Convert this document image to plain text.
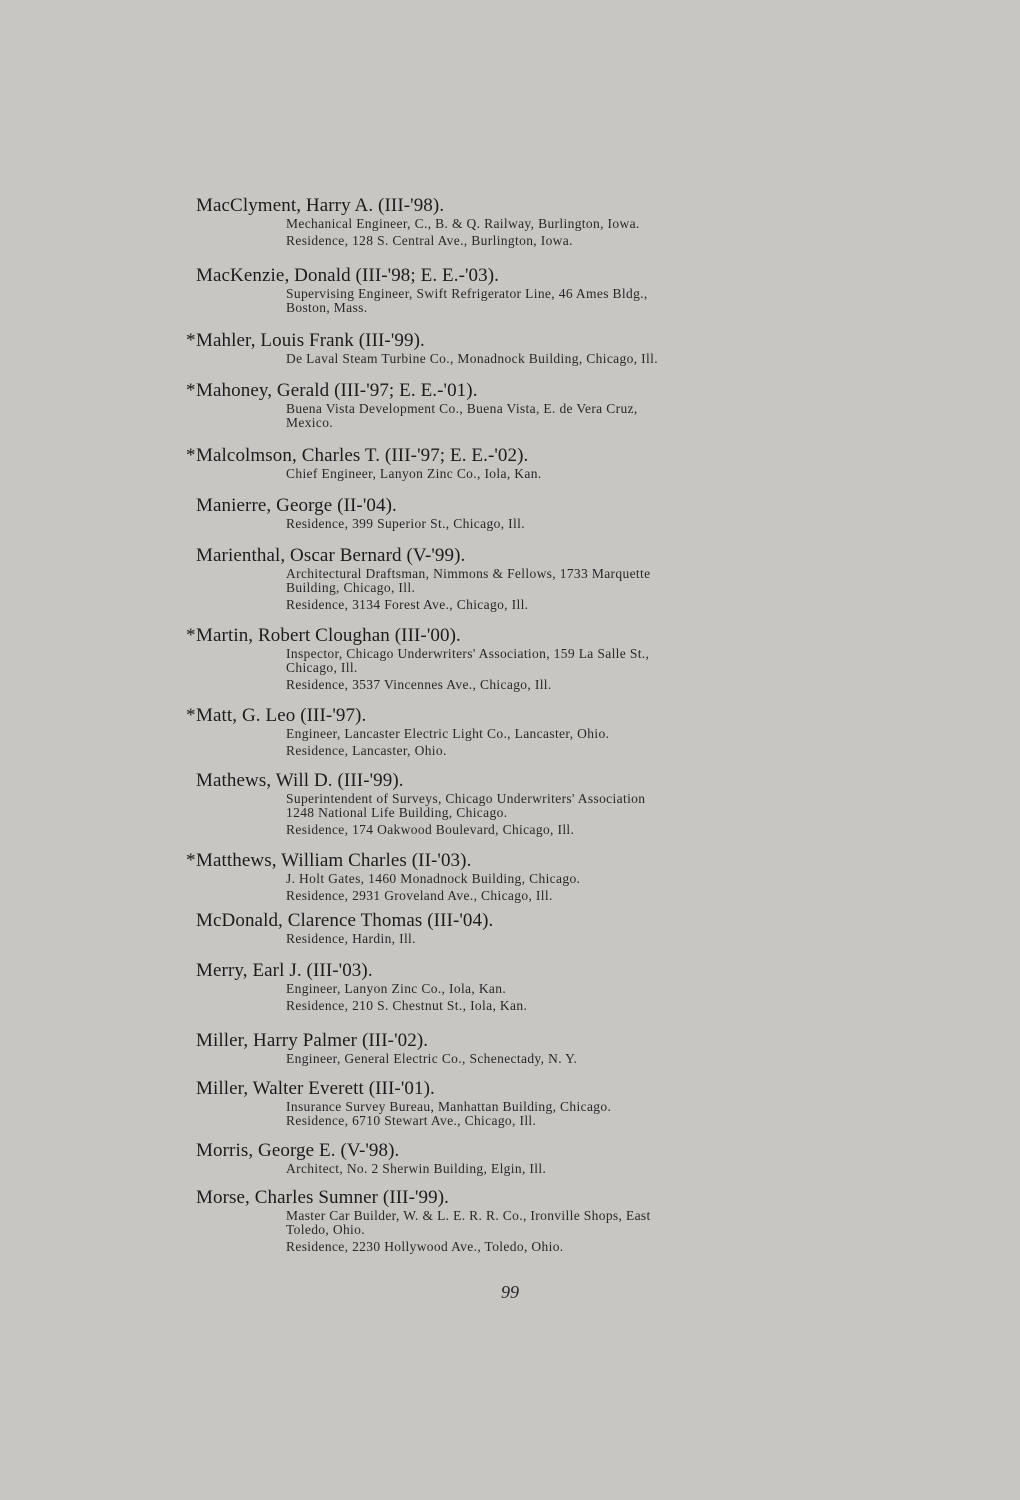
MacClyment, Harry A. (III-'98).
Mechanical Engineer, C., B. & Q. Railway, Burlington, Iowa.
Residence, 128 S. Central Ave., Burlington, Iowa.
MacKenzie, Donald (III-'98; E. E.-'03).
Supervising Engineer, Swift Refrigerator Line, 46 Ames Bldg.,
Boston, Mass.
* Mahler, Louis Frank (III-'99).
De Laval Steam Turbine Co., Monadnock Building, Chicago, Ill.
* Mahoney, Gerald (III-'97; E. E.-'01).
Buena Vista Development Co., Buena Vista, E. de Vera Cruz,
Mexico.
* Malcolmson, Charles T. (III-'97; E. E.-'02).
Chief Engineer, Lanyon Zinc Co., Iola, Kan.
Manierre, George (II-'04).
Residence, 399 Superior St., Chicago, Ill.
Marienthal, Oscar Bernard (V-'99).
Architectural Draftsman, Nimmons & Fellows, 1733 Marquette
Building, Chicago, Ill.
Residence, 3134 Forest Ave., Chicago, Ill.
* Martin, Robert Cloughan (III-'00).
Inspector, Chicago Underwriters' Association, 159 La Salle St.,
Chicago, Ill.
Residence, 3537 Vincennes Ave., Chicago, Ill.
* Matt, G. Leo (III-'97).
Engineer, Lancaster Electric Light Co., Lancaster, Ohio.
Residence, Lancaster, Ohio.
Mathews, Will D. (III-'99).
Superintendent of Surveys, Chicago Underwriters' Association
1248 National Life Building, Chicago.
Residence, 174 Oakwood Boulevard, Chicago, Ill.
* Matthews, William Charles (II-'03).
J. Holt Gates, 1460 Monadnock Building, Chicago.
Residence, 2931 Groveland Ave., Chicago, Ill.
McDonald, Clarence Thomas (III-'04).
Residence, Hardin, Ill.
Merry, Earl J. (III-'03).
Engineer, Lanyon Zinc Co., Iola, Kan.
Residence, 210 S. Chestnut St., Iola, Kan.
Miller, Harry Palmer (III-'02).
Engineer, General Electric Co., Schenectady, N. Y.
Miller, Walter Everett (III-'01).
Insurance Survey Bureau, Manhattan Building, Chicago.
Residence, 6710 Stewart Ave., Chicago, Ill.
Morris, George E. (V-'98).
Architect, No. 2 Sherwin Building, Elgin, Ill.
Morse, Charles Sumner (III-'99).
Master Car Builder, W. & L. E. R. R. Co., Ironville Shops, East
Toledo, Ohio.
Residence, 2230 Hollywood Ave., Toledo, Ohio.
99
